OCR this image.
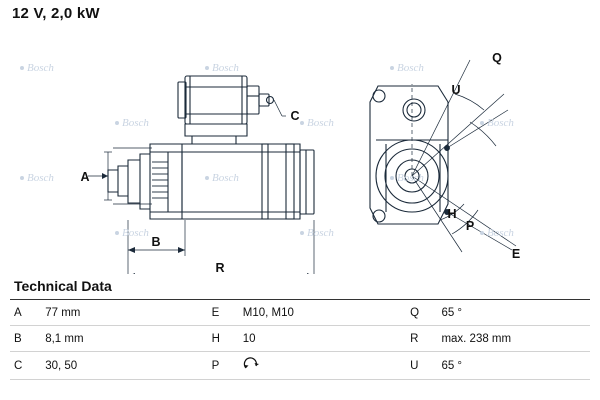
12 V, 2,0 kW
A
B
C
R
E
H
P
Q
U
Bosch	Bosch	Bosch
Bosch	Bosch	Bosch
Bosch	Bosch	Bosch
Bosch	Bosch	Bosch
Technical Data
A	77 mm		E	M10, M10		Q	65 °
B	8,1 mm		H	10		R	max. 238 mm
C	30, 50		P			U	65 °
